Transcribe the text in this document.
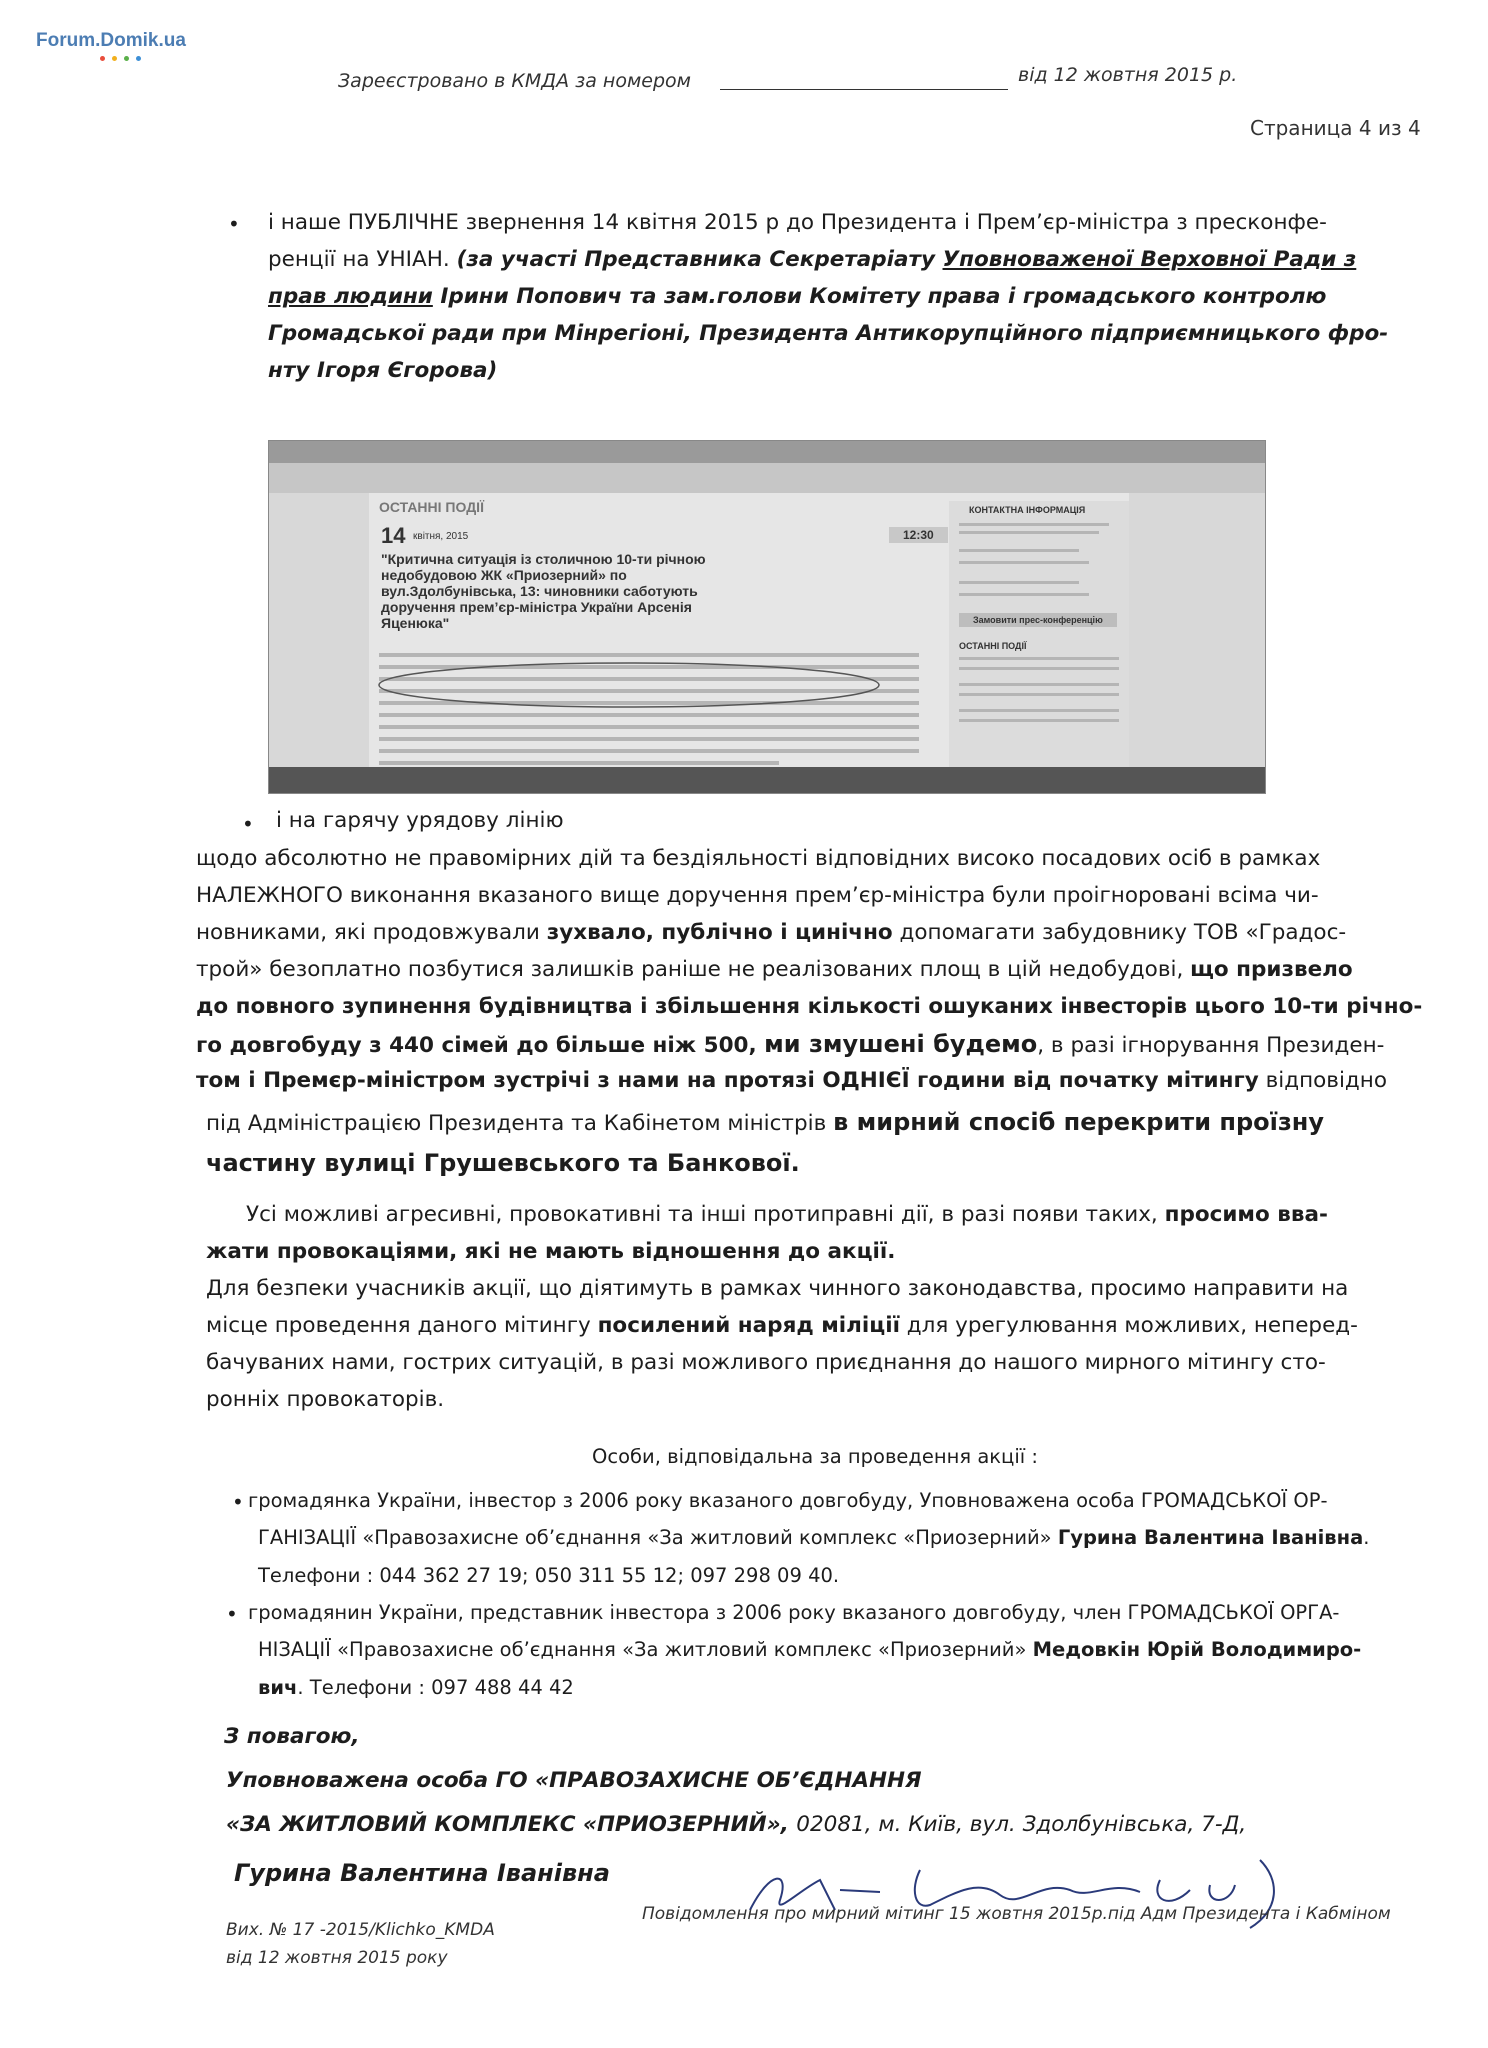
Forum.Domik.ua
Зареєстровано в КМДА за номером	від 12 жовтня 2015 р.
Страница 4 из 4
• і наше ПУБЛІЧНЕ звернення 14 квітня 2015 р до Президента і Прем’єр-міністра з пресконфе-
ренції на УНІАН. (за участі Представника Секретаріату Уповноваженої Верховної Ради з
прав людини Ірини Попович та зам.голови Комітету права і громадського контролю
Громадської ради при Мінрегіоні, Президента Антикорупційного підприємницького фро-
нту Ігоря Єгорова)
ОСТАННІ ПОДІЇ
14 квітня, 2015	12:30
"Критична ситуація із столичною 10-ти річною
недобудовою ЖК «Приозерний» по
вул.Здолбунівська, 13: чиновники саботують
доручення прем’єр-міністра України Арсенія
Яценюка"
КОНТАКТНА ІНФОРМАЦІЯ
Замовити прес-конференцію
ОСТАННІ ПОДІЇ
• і на гарячу урядову лінію
щодо абсолютно не правомірних дій та бездіяльності відповідних високо посадових осіб в рамках
НАЛЕЖНОГО виконання вказаного вище доручення прем’єр-міністра були проігноровані всіма чи-
новниками, які продовжували зухвало, публічно і цинічно допомагати забудовнику ТОВ «Градос-
трой» безоплатно позбутися залишків раніше не реалізованих площ в цій недобудові, що призвело
до повного зупинення будівництва і збільшення кількості ошуканих інвесторів цього 10-ти річно-
го довгобуду з 440 сімей до більше ніж 500, ми змушені будемо, в разі ігнорування Президен-
том і Премєр-міністром зустрічі з нами на протязі ОДНІЄЇ години від початку мітингу відповідно
під Адміністрацією Президента та Кабінетом міністрів в мирний спосіб перекрити проїзну
частину вулиці Грушевського та Банкової.
Усі можливі агресивні, провокативні та інші протиправні дії, в разі появи таких, просимо вва-
жати провокаціями, які не мають відношення до акції.
Для безпеки учасників акції, що діятимуть в рамках чинного законодавства, просимо направити на
місце проведення даного мітингу посилений наряд міліції для урегулювання можливих, неперед-
бачуваних нами, гострих ситуацій, в разі можливого приєднання до нашого мирного мітингу сто-
ронніх провокаторів.
Особи, відповідальна за проведення акції :
• громадянка України, інвестор з 2006 року вказаного довгобуду, Уповноважена особа ГРОМАДСЬКОЇ ОР-
ГАНІЗАЦІЇ «Правозахисне об’єднання «За житловий комплекс «Приозерний» Гурина Валентина Іванівна.
Телефони : 044 362 27 19; 050 311 55 12; 097 298 09 40.
• громадянин України, представник інвестора з 2006 року вказаного довгобуду, член ГРОМАДСЬКОЇ ОРГА-
НІЗАЦІЇ «Правозахисне об’єднання «За житловий комплекс «Приозерний» Медовкін Юрій Володимиро-
вич. Телефони : 097 488 44 42
З повагою,
Уповноважена особа ГО «ПРАВОЗАХИСНЕ ОБ’ЄДНАННЯ
«ЗА ЖИТЛОВИЙ КОМПЛЕКС «ПРИОЗЕРНИЙ», 02081, м. Київ, вул. Здолбунівська, 7-Д,
Гурина Валентина Іванівна
Вих. № 17 -2015/Klichko_KMDA
від 12 жовтня 2015 року
Повідомлення про мирний мітинг 15 жовтня 2015р.під Адм Президента і Кабміном
